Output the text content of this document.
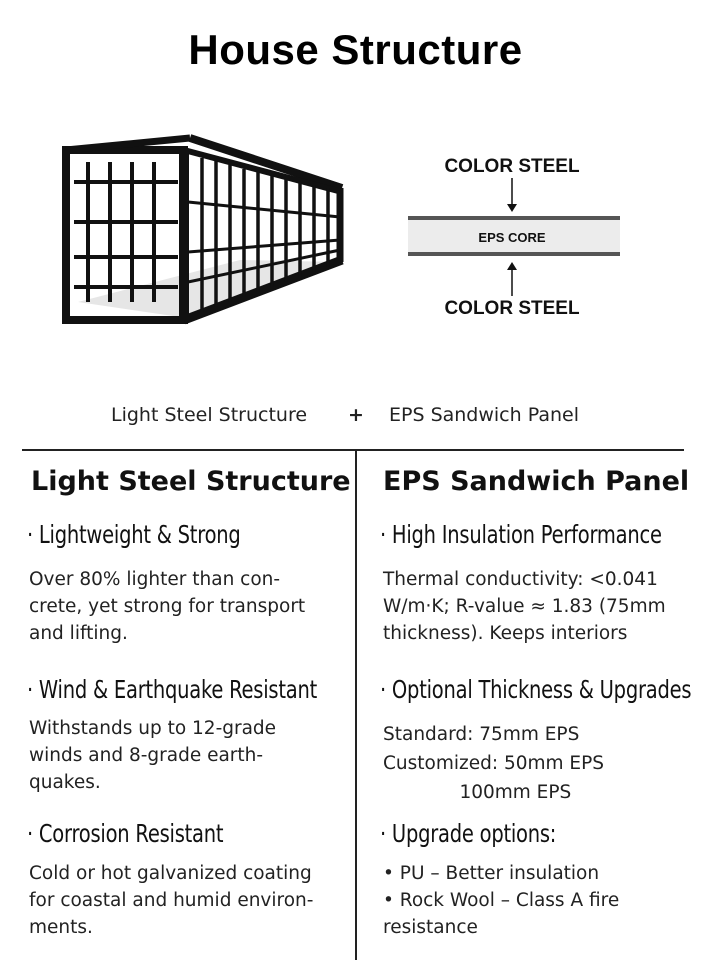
House Structure
COLOR STEEL
EPS CORE
COLOR STEEL
Light Steel Structure + EPS Sandwich Panel
Light Steel Structure
· Lightweight & Strong
Over 80% lighter than con-
crete, yet strong for transport
and lifting.
· Wind & Earthquake Resistant
Withstands up to 12-grade
winds and 8-grade earth-
quakes.
· Corrosion Resistant
Cold or hot galvanized coating
for coastal and humid environ-
ments.
EPS Sandwich Panel
· High Insulation Performance
Thermal conductivity: <0.041
W/m·K; R-value ≈ 1.83 (75mm
thickness). Keeps interiors
· Optional Thickness & Upgrades
Standard: 75mm EPS
Customized: 50mm EPS
100mm EPS
· Upgrade options:
• PU – Better insulation
• Rock Wool – Class A fire
resistance
